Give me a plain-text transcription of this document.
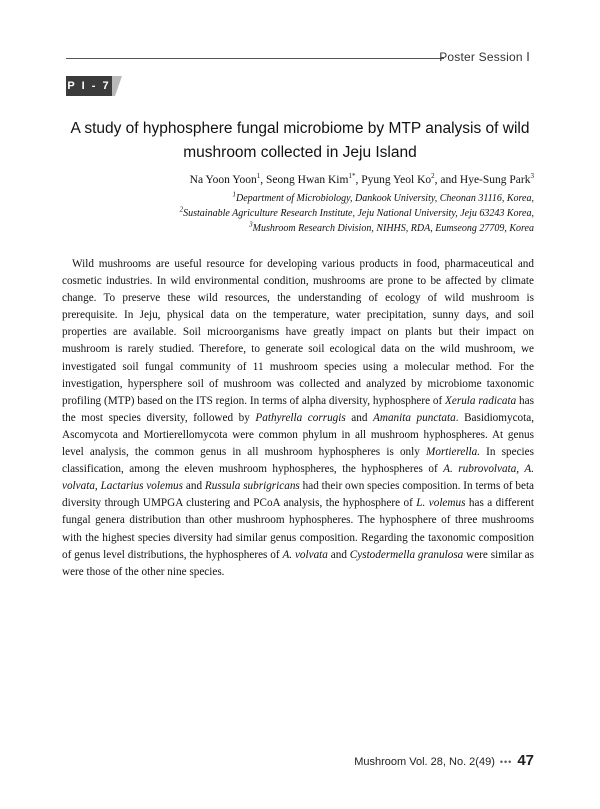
Poster Session Ⅰ
P I - 7
A study of hyphosphere fungal microbiome by MTP analysis of wild mushroom collected in Jeju Island
Na Yoon Yoon$^1$, Seong Hwan Kim$^{1*}$, Pyung Yeol Ko$^2$, and Hye-Sung Park$^3$
$^1$Department of Microbiology, Dankook University, Cheonan 31116, Korea,
$^2$Sustainable Agriculture Research Institute, Jeju National University, Jeju 63243 Korea,
$^3$Mushroom Research Division, NIHHS, RDA, Eumseong 27709, Korea

Wild mushrooms are useful resource for developing various products in food, pharmaceutical and cosmetic industries. In wild environmental condition, mushrooms are prone to be affected by climate change. To preserve these wild resources, the understanding of ecology of wild mushroom is prerequisite. In Jeju, physical data on the temperature, water precipitation, sunny days, and soil properties are available. Soil microorganisms have greatly impact on plants but their impact on mushroom is rarely studied. Therefore, to generate soil ecological data on the wild mushroom, we investigated soil fungal community of 11 mushroom species using a molecular method. For the investigation, hypersphere soil of mushroom was collected and analyzed by microbiome taxonomic profiling (MTP) based on the ITS region. In terms of alpha diversity, hyphosphere of Xerula radicata has the most species diversity, followed by Pathyrella corrugis and Amanita punctata. Basidiomycota, Ascomycota and Mortierellomycota were common phylum in all mushroom hyphospheres. At genus level analysis, the common genus in all mushroom hyphospheres is only Mortierella. In species classification, among the eleven mushroom hyphospheres, the hyphospheres of A. rubrovolvata, A. volvata, Lactarius volemus and Russula subrigricans had their own species composition. In terms of beta diversity through UMPGA clustering and PCoA analysis, the hyphosphere of L. volemus has a different fungal genera distribution than other mushroom hyphospheres. The hyphosphere of three mushrooms with the highest species diversity had similar genus composition. Regarding the taxonomic composition of genus level distributions, the hyphospheres of A. volvata and Cystodermella granulosa were similar as were those of the other nine species.

Mushroom Vol. 28, No. 2(49) ••• 47
